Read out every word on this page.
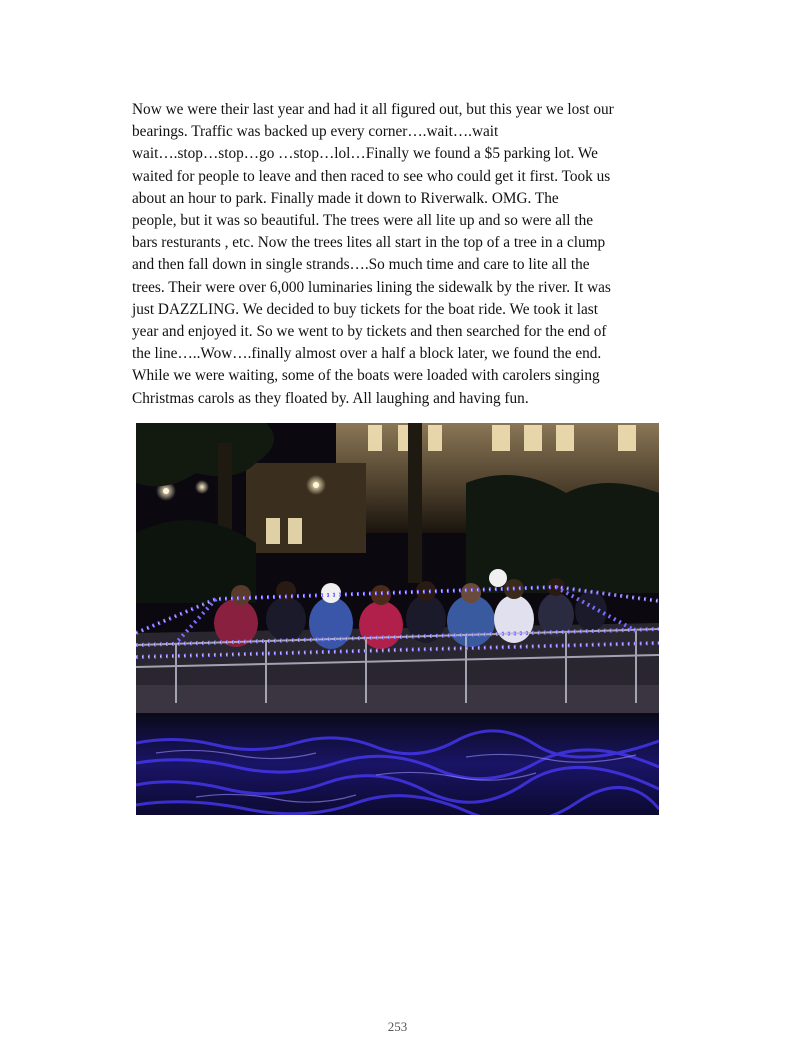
Now we were their last year and had it all figured out, but this year we lost our
bearings. Traffic was backed up every corner….wait….wait
wait….stop…stop…go …stop…lol…Finally we found a $5 parking lot. We
waited for people to leave and then raced to see who could get it first. Took us
about an hour to park. Finally made it down to Riverwalk. OMG. The
people, but it was so beautiful. The trees were all lite up and so were all the
bars resturants , etc. Now the trees lites all start in the top of a tree in a clump
and then fall down in single strands….So much time and care to lite all the
trees. Their were over 6,000 luminaries lining the sidewalk by the river. It was
just DAZZLING. We decided to buy tickets for the boat ride. We took it last
year and enjoyed it. So we went to by tickets and then searched for the end of
the line…..Wow….finally almost over a half a block later, we found the end.
While we were waiting, some of the boats were loaded with carolers singing
Christmas carols as they floated by. All laughing and having fun.

253
